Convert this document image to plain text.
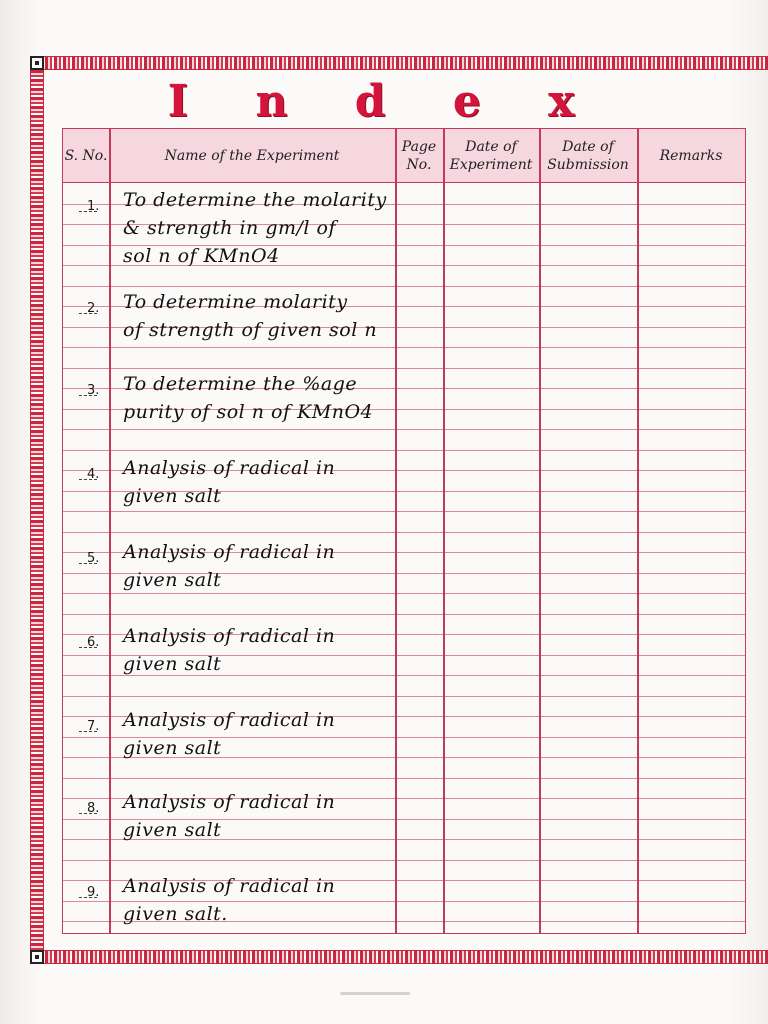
I n d e x
S. No.	Name of the Experiment
Page No.
Date of Experiment
Date of Submission
Remarks
1. To determine the molarity
& strength in gm/l of
sol n of KMnO4
2. To determine molarity
of strength of given sol n
3. To determine the %age
purity of sol n of KMnO4
4. Analysis of radical in
given salt
5. Analysis of radical in
given salt
6. Analysis of radical in
given salt
7. Analysis of radical in
given salt
8. Analysis of radical in
given salt
9. Analysis of radical in
given salt.
